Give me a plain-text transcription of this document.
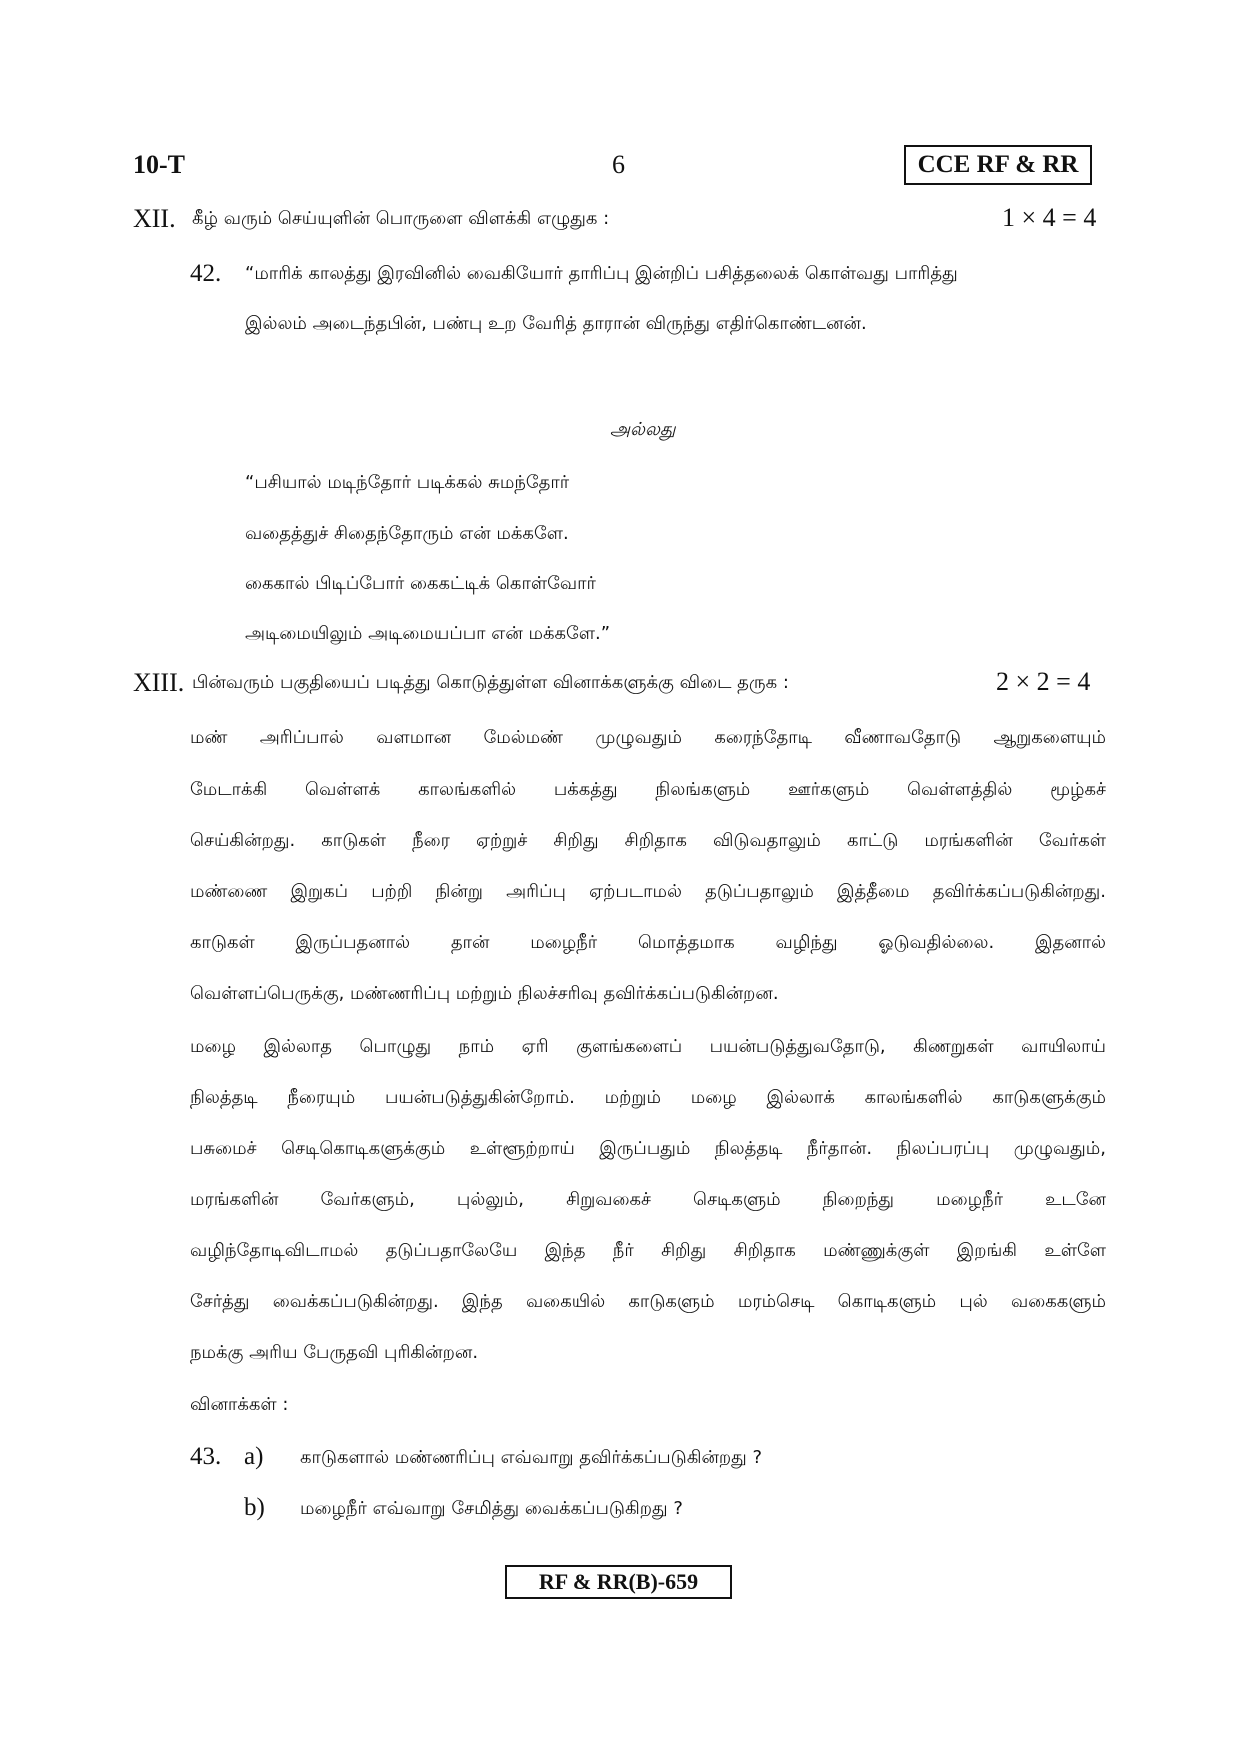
10-T	6	CCE RF & RR
XII. கீழ் வரும் செய்யுளின் பொருளை விளக்கி எழுதுக :	1 × 4 = 4
42. “மாரிக் காலத்து இரவினில் வைகியோர் தாரிப்பு இன்றிப் பசித்தலைக் கொள்வது பாரித்து
இல்லம் அடைந்தபின், பண்பு உற வேரித் தாரான் விருந்து எதிர்கொண்டனன்.
அல்லது
“பசியால் மடிந்தோர் படிக்கல் சுமந்தோர்
வதைத்துச் சிதைந்தோரும் என் மக்களே.
கைகால் பிடிப்போர் கைகட்டிக் கொள்வோர்
அடிமையிலும் அடிமையப்பா என் மக்களே.”
XIII. பின்வரும் பகுதியைப் படித்து கொடுத்துள்ள வினாக்களுக்கு விடை தருக :	2 × 2 = 4
மண் அரிப்பால் வளமான மேல்மண் முழுவதும் கரைந்தோடி வீணாவதோடு ஆறுகளையும்
மேடாக்கி வெள்ளக் காலங்களில் பக்கத்து நிலங்களும் ஊர்களும் வெள்ளத்தில் மூழ்கச்
செய்கின்றது. காடுகள் நீரை ஏற்றுச் சிறிது சிறிதாக விடுவதாலும் காட்டு மரங்களின் வேர்கள்
மண்ணை இறுகப் பற்றி நின்று அரிப்பு ஏற்படாமல் தடுப்பதாலும் இத்தீமை தவிர்க்கப்படுகின்றது.
காடுகள் இருப்பதனால் தான் மழைநீர் மொத்தமாக வழிந்து ஓடுவதில்லை. இதனால்
வெள்ளப்பெருக்கு, மண்ணரிப்பு மற்றும் நிலச்சரிவு தவிர்க்கப்படுகின்றன.
மழை இல்லாத பொழுது நாம் ஏரி குளங்களைப் பயன்படுத்துவதோடு, கிணறுகள் வாயிலாய்
நிலத்தடி நீரையும் பயன்படுத்துகின்றோம். மற்றும் மழை இல்லாக் காலங்களில் காடுகளுக்கும்
பசுமைச் செடிகொடிகளுக்கும் உள்ளூற்றாய் இருப்பதும் நிலத்தடி நீர்தான். நிலப்பரப்பு முழுவதும்,
மரங்களின் வேர்களும், புல்லும், சிறுவகைச் செடிகளும் நிறைந்து மழைநீர் உடனே
வழிந்தோடிவிடாமல் தடுப்பதாலேயே இந்த நீர் சிறிது சிறிதாக மண்ணுக்குள் இறங்கி உள்ளே
சேர்த்து வைக்கப்படுகின்றது. இந்த வகையில் காடுகளும் மரம்செடி கொடிகளும் புல் வகைகளும்
நமக்கு அரிய பேருதவி புரிகின்றன.
வினாக்கள் :
43. a) காடுகளால் மண்ணரிப்பு எவ்வாறு தவிர்க்கப்படுகின்றது ?
b) மழைநீர் எவ்வாறு சேமித்து வைக்கப்படுகிறது ?
RF & RR(B)-659
